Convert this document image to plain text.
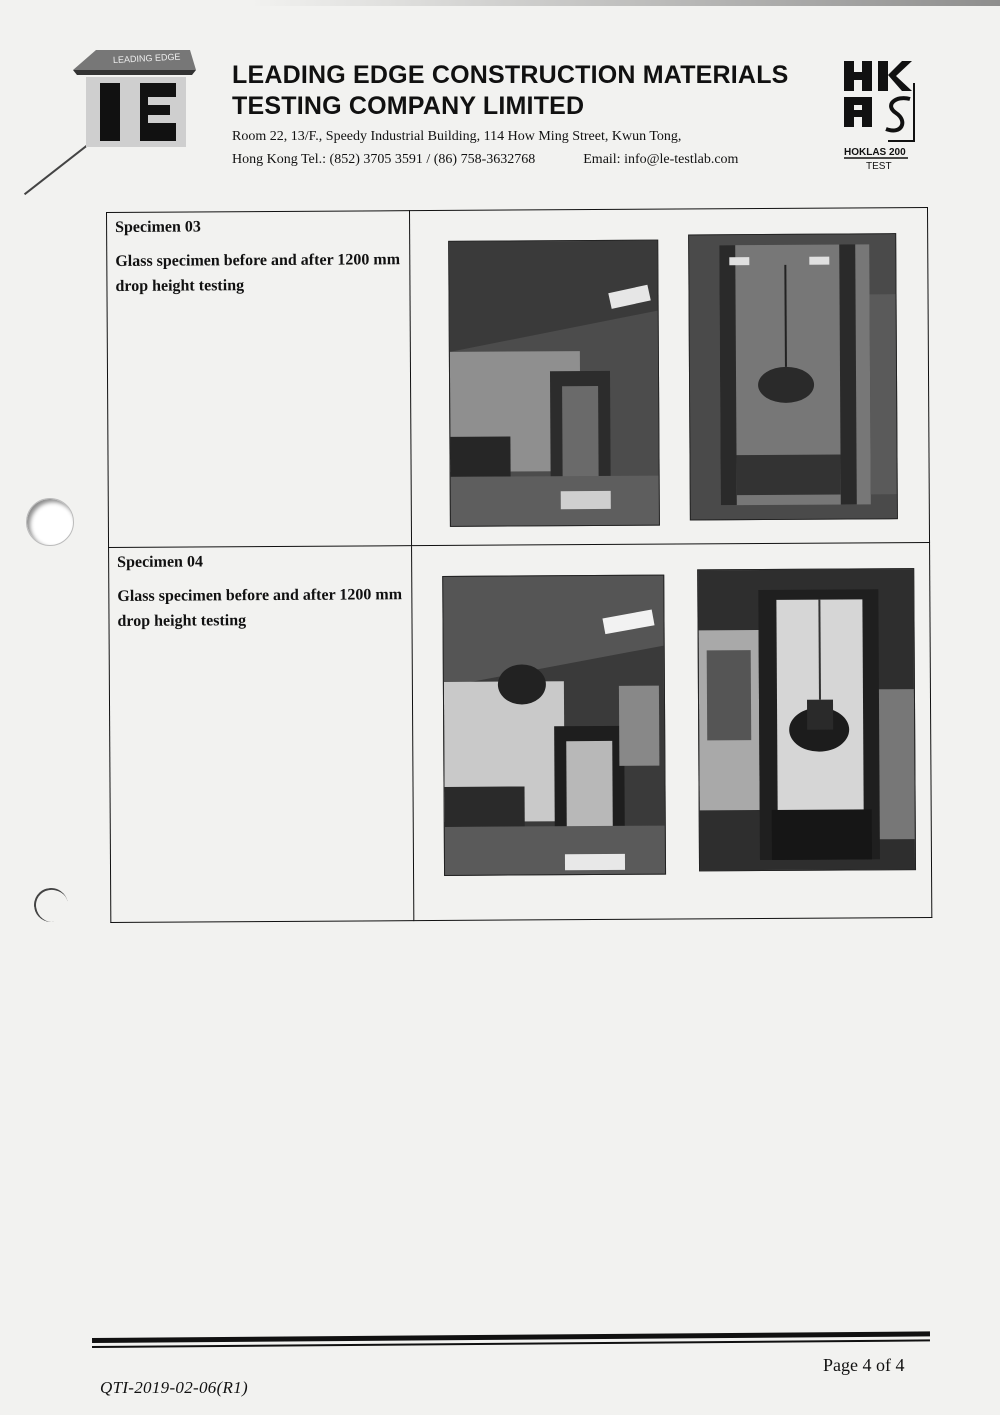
LEADING EDGE

LEADING EDGE CONSTRUCTION MATERIALS

TESTING COMPANY LIMITED

Room 22, 13/F., Speedy Industrial Building, 114 How Ming Street, Kwun Tong,
Hong Kong Tel.: (852) 3705 3591 / (86) 758-3632768	Email: info@le-testlab.com	HOKLAS 200
TEST

Specimen 03

Glass specimen before and after 1200 mm drop height testing

Specimen 04

Glass specimen before and after 1200 mm drop height testing

QTI-2019-02-06(R1)
Page 4 of 4
